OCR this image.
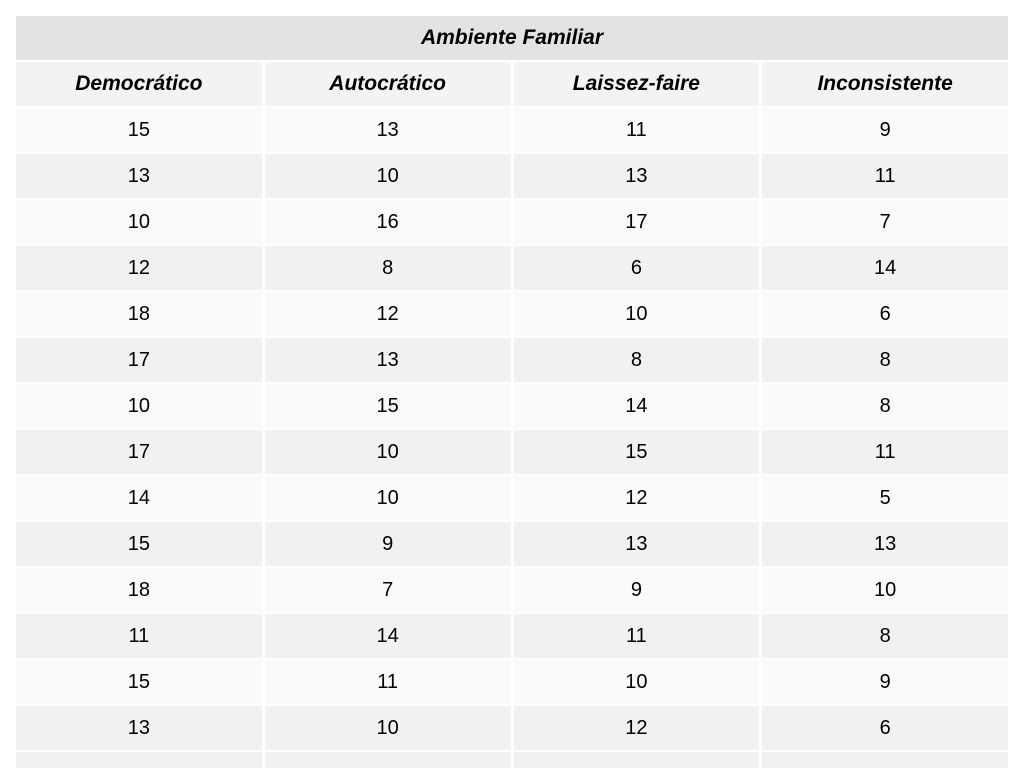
Ambiente Familiar			
Democrático	Autocrático	Laissez-faire	Inconsistente
15	13	11	9
13	10	13	11
10	16	17	7
12	8	6	14
18	12	10	6
17	13	8	8
10	15	14	8
17	10	15	11
14	10	12	5
15	9	13	13
18	7	9	10
11	14	11	8
15	11	10	9
13	10	12	6
